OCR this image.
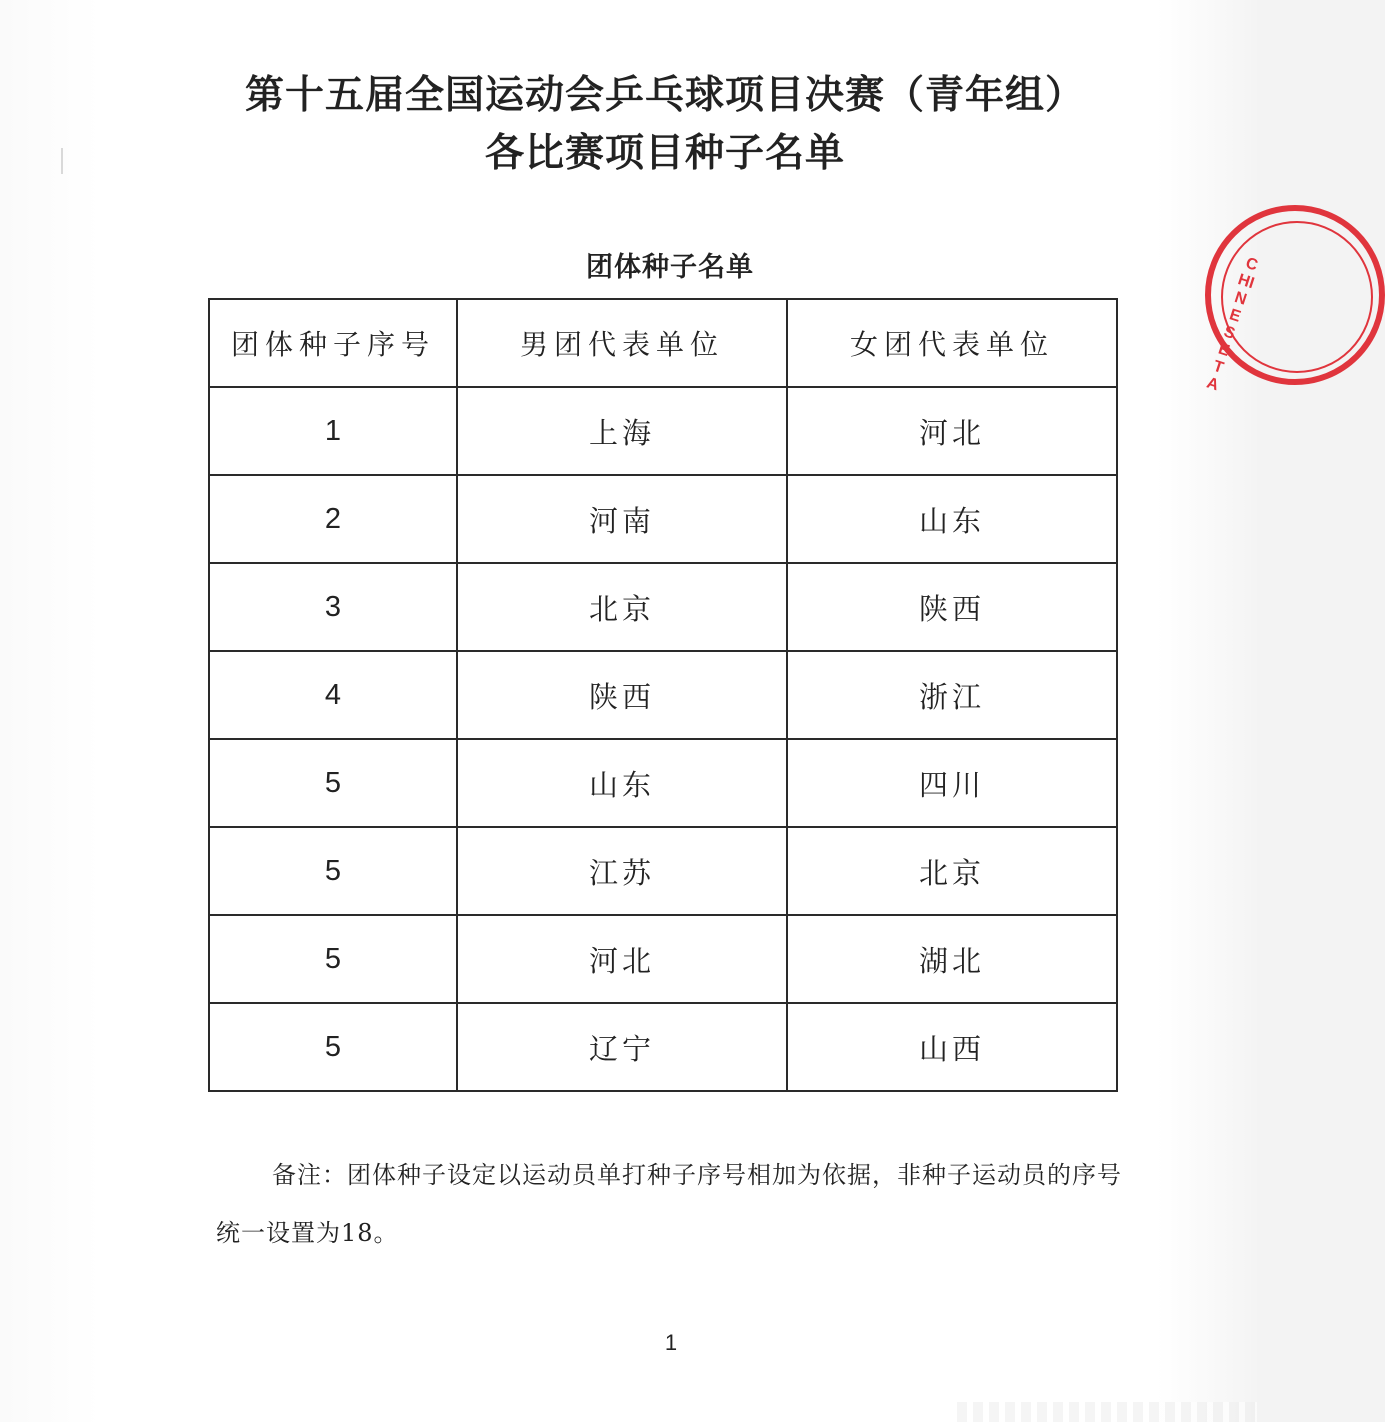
第十五届全国运动会乒乓球项目决赛（青年组）
各比赛项目种子名单
团体种子名单
团体种子序号	男团代表单位	女团代表单位
1	上海	河北
2	河南	山东
3	北京	陕西
4	陕西	浙江
5	山东	四川
5	江苏	北京
5	河北	湖北
5	辽宁	山西
备注：团体种子设定以运动员单打种子序号相加为依据，非种子运动员的序号统一设置为18。
1
CHINESE TA
